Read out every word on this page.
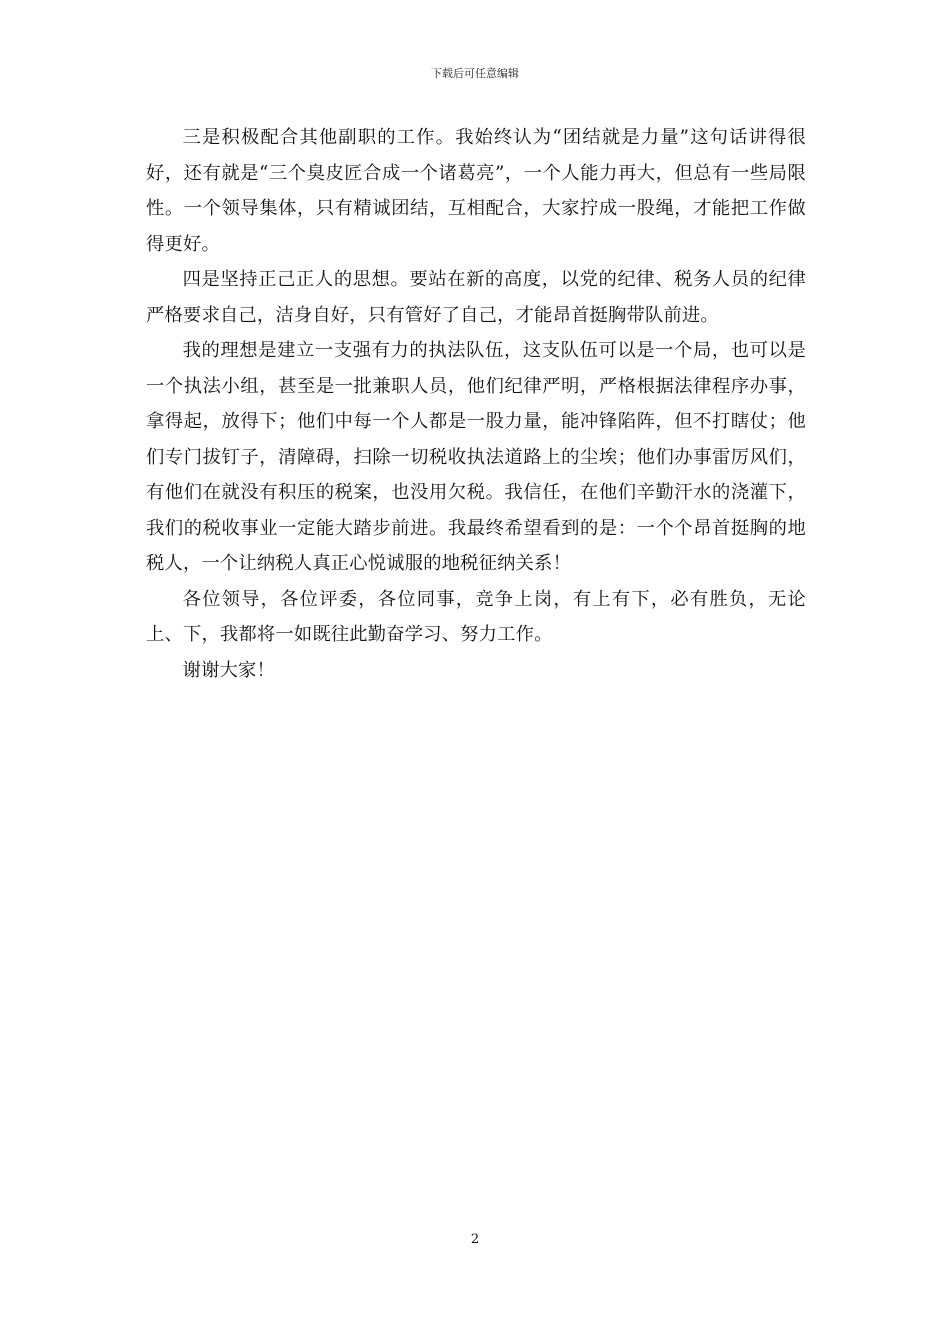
下载后可任意编辑

三是积极配合其他副职的工作。我始终认为“团结就是力量”这句话讲得很好，还有就是“三个臭皮匠合成一个诸葛亮”，一个人能力再大，但总有一些局限性。一个领导集体，只有精诚团结，互相配合，大家拧成一股绳，才能把工作做得更好。

四是坚持正己正人的思想。要站在新的高度，以党的纪律、税务人员的纪律严格要求自己，洁身自好，只有管好了自己，才能昂首挺胸带队前进。

我的理想是建立一支强有力的执法队伍，这支队伍可以是一个局，也可以是一个执法小组，甚至是一批兼职人员，他们纪律严明，严格根据法律程序办事，拿得起，放得下；他们中每一个人都是一股力量，能冲锋陷阵，但不打瞎仗；他们专门拔钉子，清障碍，扫除一切税收执法道路上的尘埃；他们办事雷厉风们，有他们在就没有积压的税案，也没用欠税。我信任，在他们辛勤汗水的浇灌下，我们的税收事业一定能大踏步前进。我最终希望看到的是：一个个昂首挺胸的地税人，一个让纳税人真正心悦诚服的地税征纳关系！

各位领导，各位评委，各位同事，竞争上岗，有上有下，必有胜负，无论上、下，我都将一如既往此勤奋学习、努力工作。

谢谢大家！

2
